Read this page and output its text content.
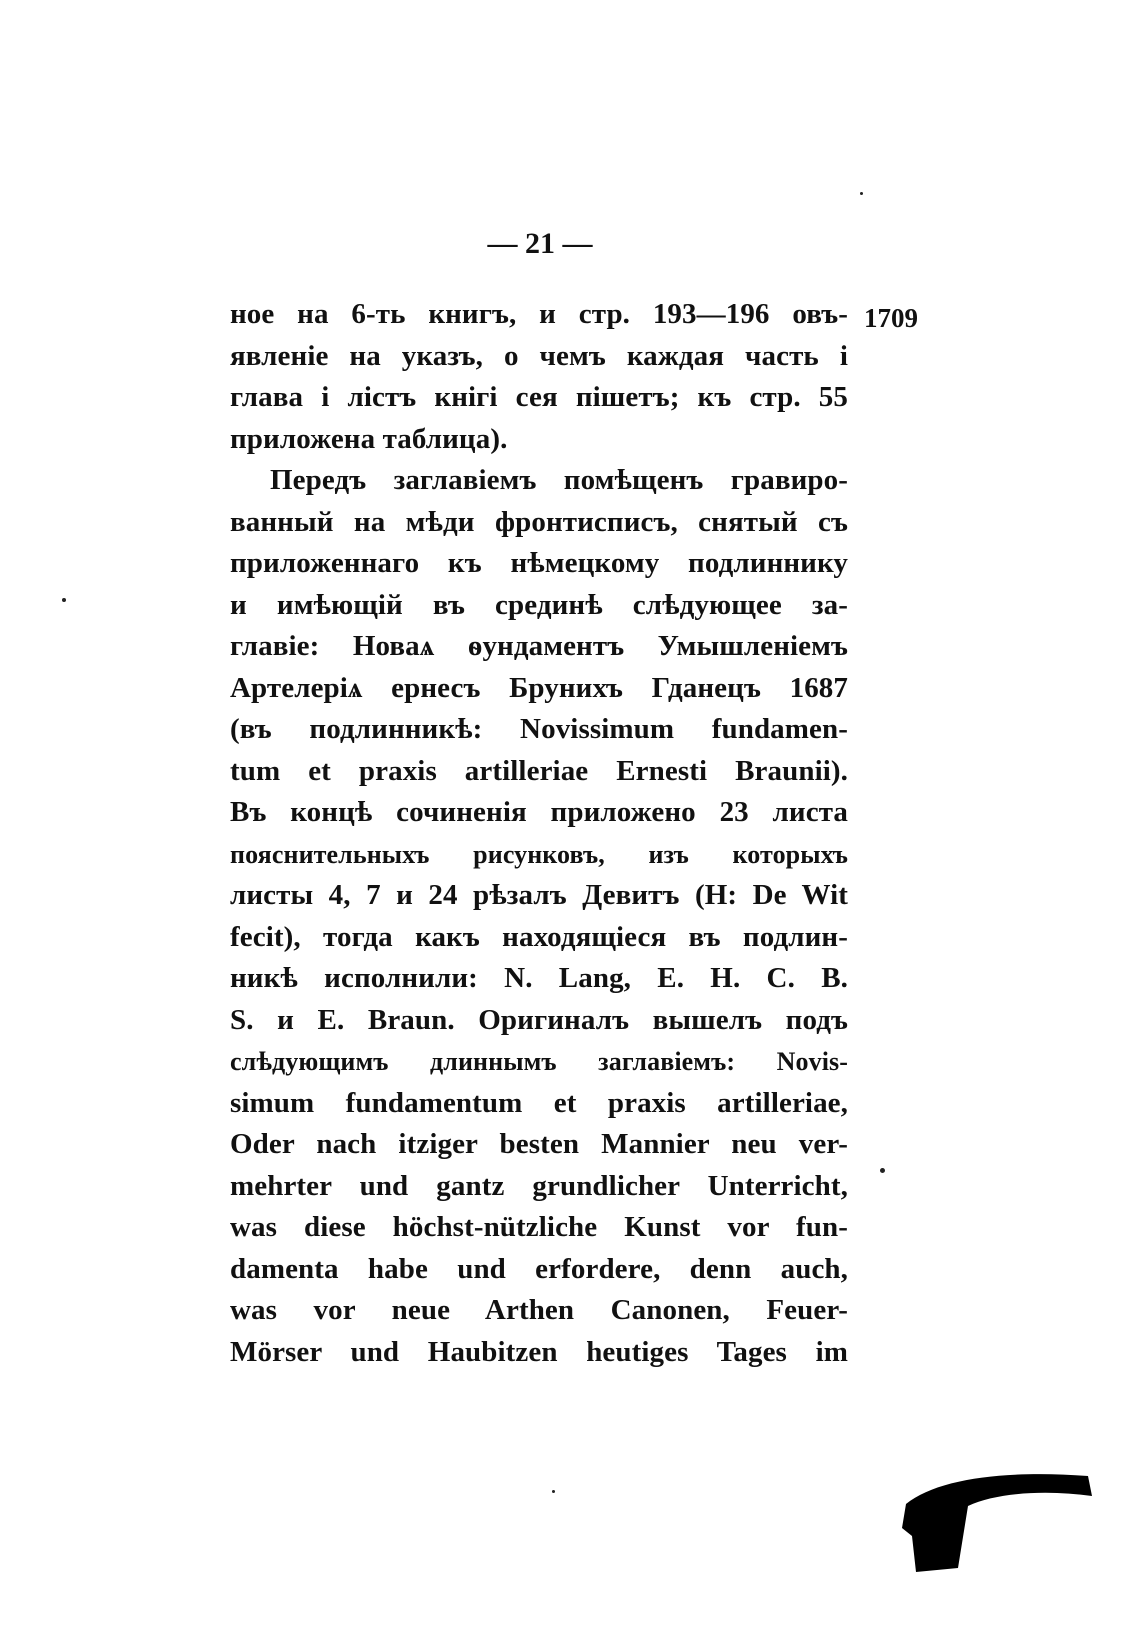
— 21 —
1709
ное на 6-ть книгъ, и стр. 193—196 овъ-
явленіе на указъ, о чемъ каждая часть і
глава і лістъ кнігі сея пішетъ; къ стр. 55
приложена таблица).
Передъ заглавіемъ помѣщенъ гравиро-
ванный на мѣди фронтисписъ, снятый съ
приложеннаго къ нѣмецкому подлиннику
и имѣющій въ срединѣ слѣдующее за-
главіе: Новаѧ ѳундаментъ Умышленіемъ
Артелеріѧ ернесъ Брунихъ Гданецъ 1687
(въ подлинникѣ: Novissimum fundamen-
tum et praxis artilleriae Ernesti Braunii).
Въ концѣ сочиненія приложено 23 листа
пояснительныхъ рисунковъ, изъ которыхъ
листы 4, 7 и 24 рѣзалъ Девитъ (H: De Wit
fecit), тогда какъ находящіеся въ подлин-
никѣ исполнили: N. Lang, E. H. C. B.
S. и E. Braun. Оригиналъ вышелъ подъ
слѣдующимъ длиннымъ заглавіемъ: Novis-
simum fundamentum et praxis artilleriae,
Oder nach itziger besten Mannier neu ver-
mehrter und gantz grundlicher Unterricht,
was diese höchst-nützliche Kunst vor fun-
damenta habe und erfordere, denn auch,
was vor neue Arthen Canonen, Feuer-
Mörser und Haubitzen heutiges Tages im
